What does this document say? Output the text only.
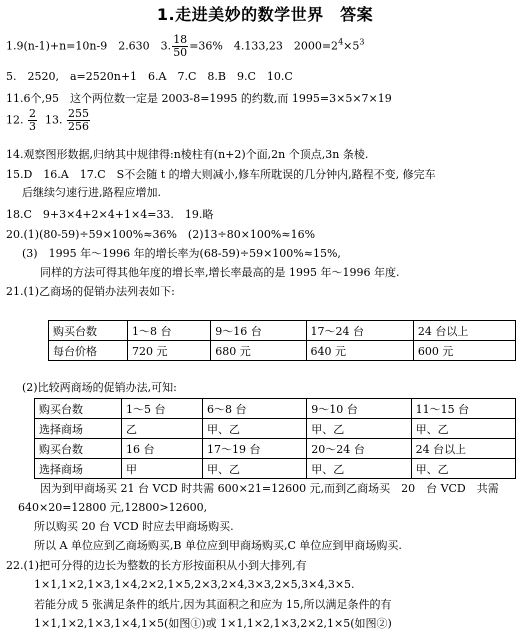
1.走进美妙的数学世界　答案
1.9(n-1)+n=10n-9　2.630　3. $\frac{18}{50} =36\%$　4.133,23　$2000=2^4\times 5^3$
5.　2520,　a=2520n+1　6.A　7.C　8.B　9.C　10.C
11.6个,95　这个两位数一定是 2003-8=1995 的约数,而 1995=3×5×7×19
12. $\frac{2}{3} 13$. $\frac{255}{256}$
14.观察图形数据,归纳其中规律得:n棱柱有(n+2)个面,2n 个顶点,3n 条棱.
15.D　16.A　17.C　S不会随 t 的增大则减小,修车所耽误的几分钟内,路程不变, 修完车
后继续匀速行进,路程应增加.
18.C　9+3×4+2×4+1×4=33.　19.略
20.(1)(80-59)÷59×100%≈36%　(2)13÷80×100%≈16%
(3)　1995 年～1996 年的增长率为(68-59)÷59×100%≈15%,
同样的方法可得其他年度的增长率,增长率最高的是 1995 年～1996 年度.
21.(1)乙商场的促销办法列表如下:
购买台数	1～8 台	9～16 台	17～24 台	24 台以上
每台价格	720 元	680 元	640 元	600 元
(2)比较两商场的促销办法,可知:
购买台数	1～5 台	6～8 台	9～10 台	11～15 台
选择商场	乙	甲、乙	甲、乙	甲、乙
购买台数	16 台	17～19 台	20～24 台	24 台以上
选择商场	甲	甲、乙	甲、乙	甲、乙
因为到甲商场买 21 台 VCD 时共需 600×21=12600 元,而到乙商场买　20　台 VCD　共需
640×20=12800 元,12800>12600,
所以购买 20 台 VCD 时应去甲商场购买.
所以 A 单位应到乙商场购买,B 单位应到甲商场购买,C 单位应到甲商场购买.
22.(1)把可分得的边长为整数的长方形按面积从小到大排列,有
1×1,1×2,1×3,1×4,2×2,1×5,2×3,2×4,3×3,2×5,3×4,3×5.
若能分成 5 张满足条件的纸片,因为其面积之和应为 15,所以满足条件的有
1×1,1×2,1×3,1×4,1×5(如图①)或 1×1,1×2,1×3,2×2,1×5(如图②)
